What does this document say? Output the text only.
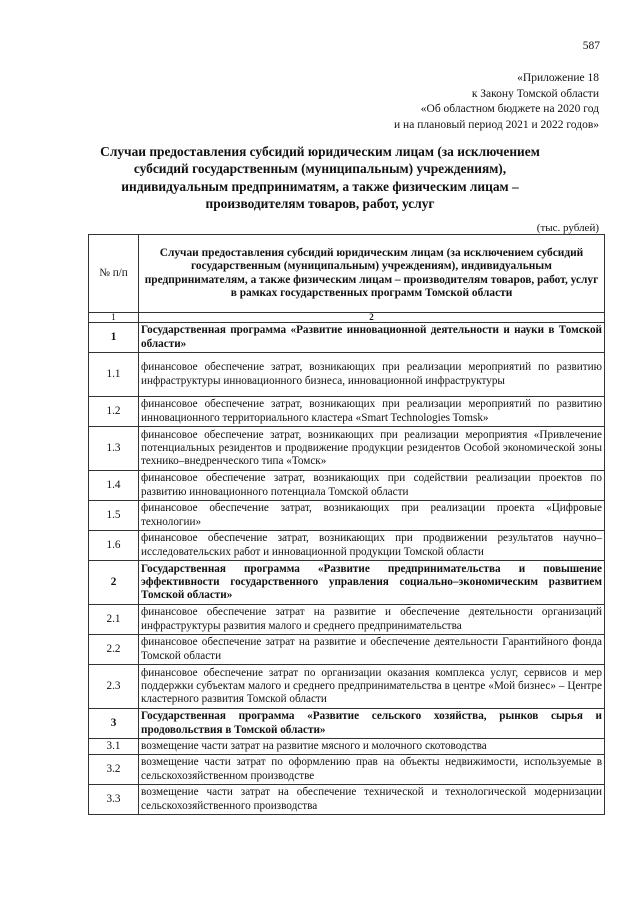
587
«Приложение 18
к Закону Томской области
«Об областном бюджете на 2020 год
и на плановый период 2021 и 2022 годов»
Случаи предоставления субсидий юридическим лицам (за исключением субсидий государственным (муниципальным) учреждениям), индивидуальным предприниматям, а также физическим лицам – производителям товаров, работ, услуг
(тыс. рублей)
№ п/п	Случаи предоставления субсидий юридическим лицам (за исключением субсидий государственным (муниципальным) учреждениям), индивидуальным предпринимателям, а также физическим лицам – производителям товаров, работ, услуг в рамках государственных программ Томской области
1	2
1	Государственная программа «Развитие инновационной деятельности и науки в Томской области»
1.1	финансовое обеспечение затрат, возникающих при реализации мероприятий по развитию инфраструктуры инновационного бизнеса, инновационной инфраструктуры
1.2	финансовое обеспечение затрат, возникающих при реализации мероприятий по развитию инновационного территориального кластера «Smart Technologies Tomsk»
1.3	финансовое обеспечение затрат, возникающих при реализации мероприятия «Привлечение потенциальных резидентов и продвижение продукции резидентов Особой экономической зоны технико–внедренческого типа «Томск»
1.4	финансовое обеспечение затрат, возникающих при содействии реализации проектов по развитию инновационного потенциала Томской области
1.5	финансовое обеспечение затрат, возникающих при реализации проекта «Цифровые технологии»
1.6	финансовое обеспечение затрат, возникающих при продвижении результатов научно–исследовательских работ и инновационной продукции Томской области
2	Государственная программа «Развитие предпринимательства и повышение эффективности государственного управления социально–экономическим развитием Томской области»
2.1	финансовое обеспечение затрат на развитие и обеспечение деятельности организаций инфраструктуры развития малого и среднего предпринимательства
2.2	финансовое обеспечение затрат на развитие и обеспечение деятельности Гарантийного фонда Томской области
2.3	финансовое обеспечение затрат по организации оказания комплекса услуг, сервисов и мер поддержки субъектам малого и среднего предпринимательства в центре «Мой бизнес» – Центре кластерного развития Томской области
3	Государственная программа «Развитие сельского хозяйства, рынков сырья и продовольствия в Томской области»
3.1	возмещение части затрат на развитие мясного и молочного скотоводства
3.2	возмещение части затрат по оформлению прав на объекты недвижимости, используемые в сельскохозяйственном производстве
3.3	возмещение части затрат на обеспечение технической и технологической модернизации сельскохозяйственного производства
